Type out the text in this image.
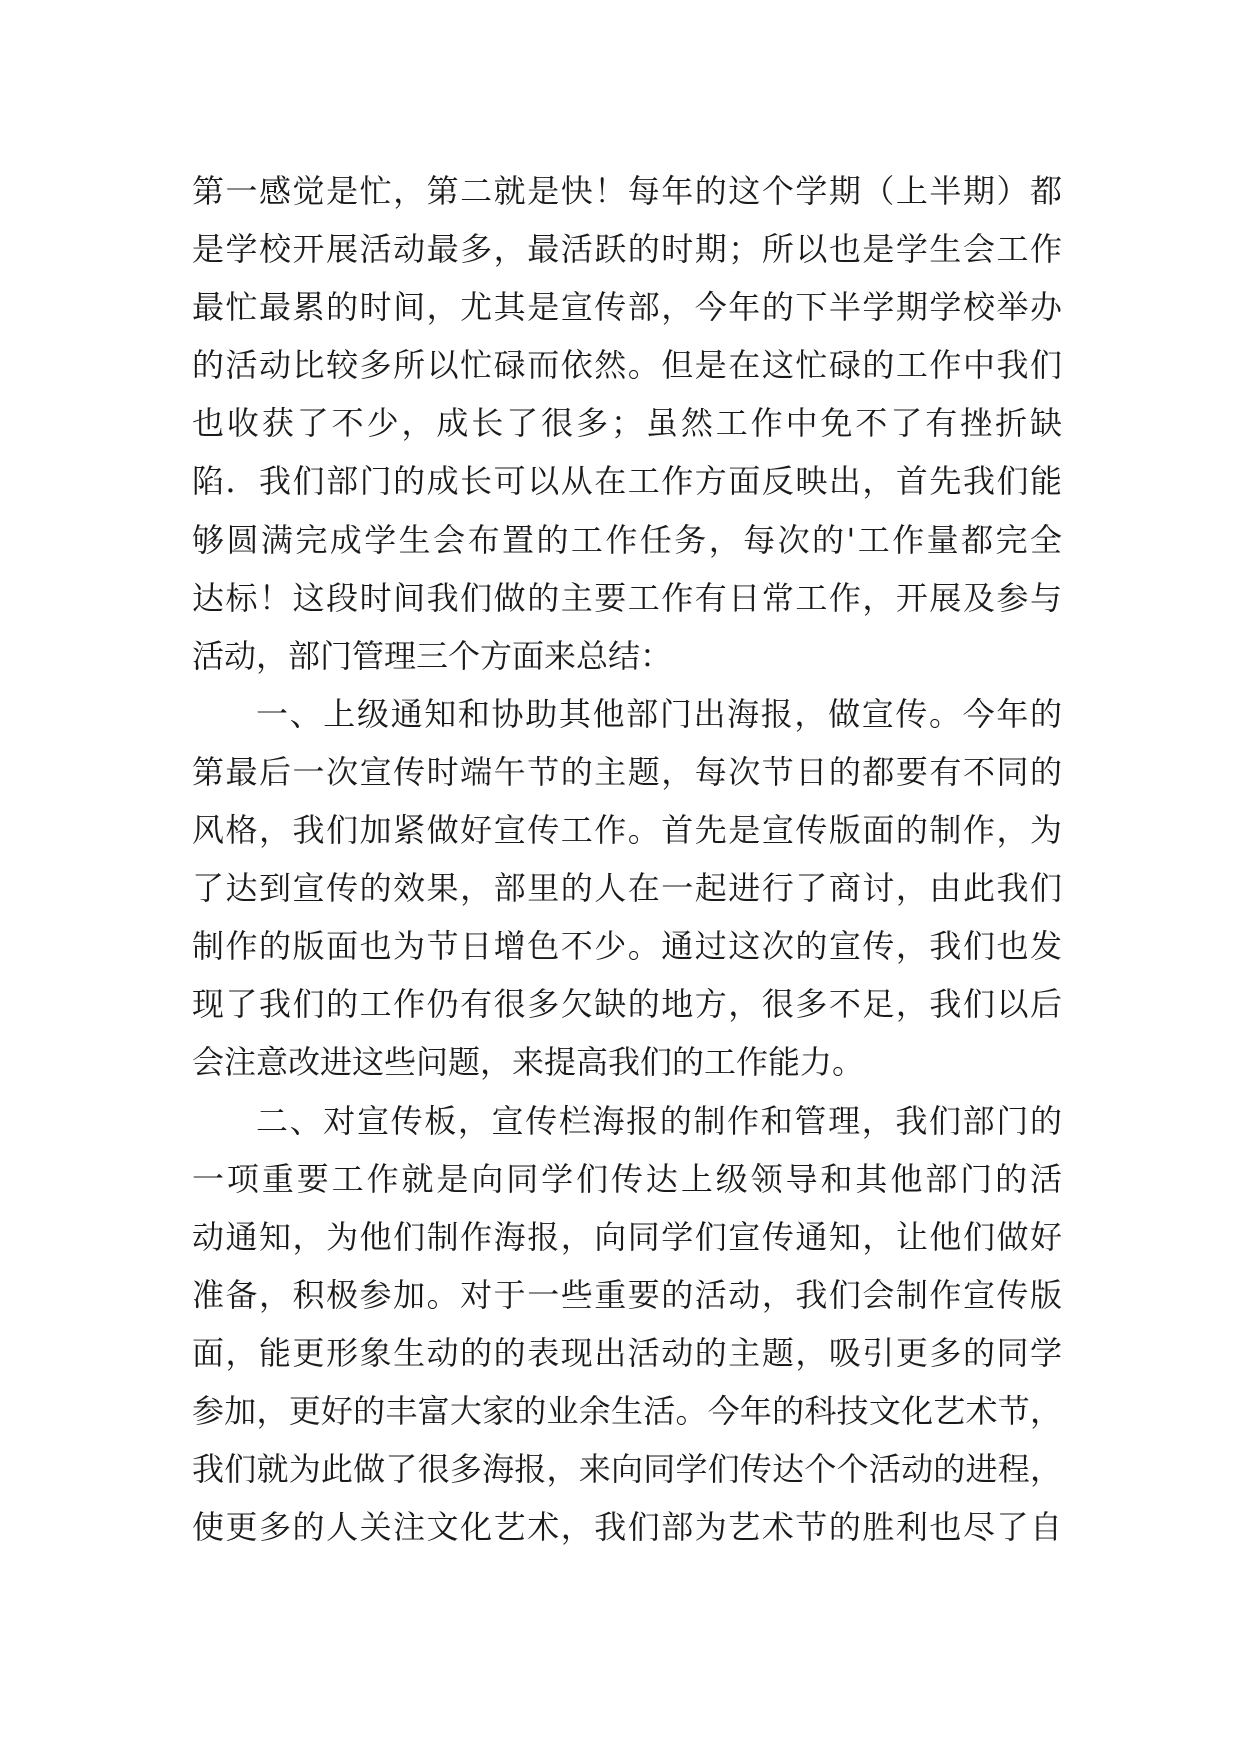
第一感觉是忙，第二就是快！每年的这个学期（上半期）都
是学校开展活动最多，最活跃的时期；所以也是学生会工作
最忙最累的时间，尤其是宣传部，今年的下半学期学校举办
的活动比较多所以忙碌而依然。但是在这忙碌的工作中我们
也收获了不少，成长了很多；虽然工作中免不了有挫折缺
陷．我们部门的成长可以从在工作方面反映出，首先我们能
够圆满完成学生会布置的工作任务，每次的'工作量都完全
达标！这段时间我们做的主要工作有日常工作，开展及参与
活动，部门管理三个方面来总结：
一、上级通知和协助其他部门出海报，做宣传。今年的
第最后一次宣传时端午节的主题，每次节日的都要有不同的
风格，我们加紧做好宣传工作。首先是宣传版面的制作，为
了达到宣传的效果，部里的人在一起进行了商讨，由此我们
制作的版面也为节日增色不少。通过这次的宣传，我们也发
现了我们的工作仍有很多欠缺的地方，很多不足，我们以后
会注意改进这些问题，来提高我们的工作能力。
二、对宣传板，宣传栏海报的制作和管理，我们部门的
一项重要工作就是向同学们传达上级领导和其他部门的活
动通知，为他们制作海报，向同学们宣传通知，让他们做好
准备，积极参加。对于一些重要的活动，我们会制作宣传版
面，能更形象生动的的表现出活动的主题，吸引更多的同学
参加，更好的丰富大家的业余生活。今年的科技文化艺术节，
我们就为此做了很多海报，来向同学们传达个个活动的进程，
使更多的人关注文化艺术，我们部为艺术节的胜利也尽了自
